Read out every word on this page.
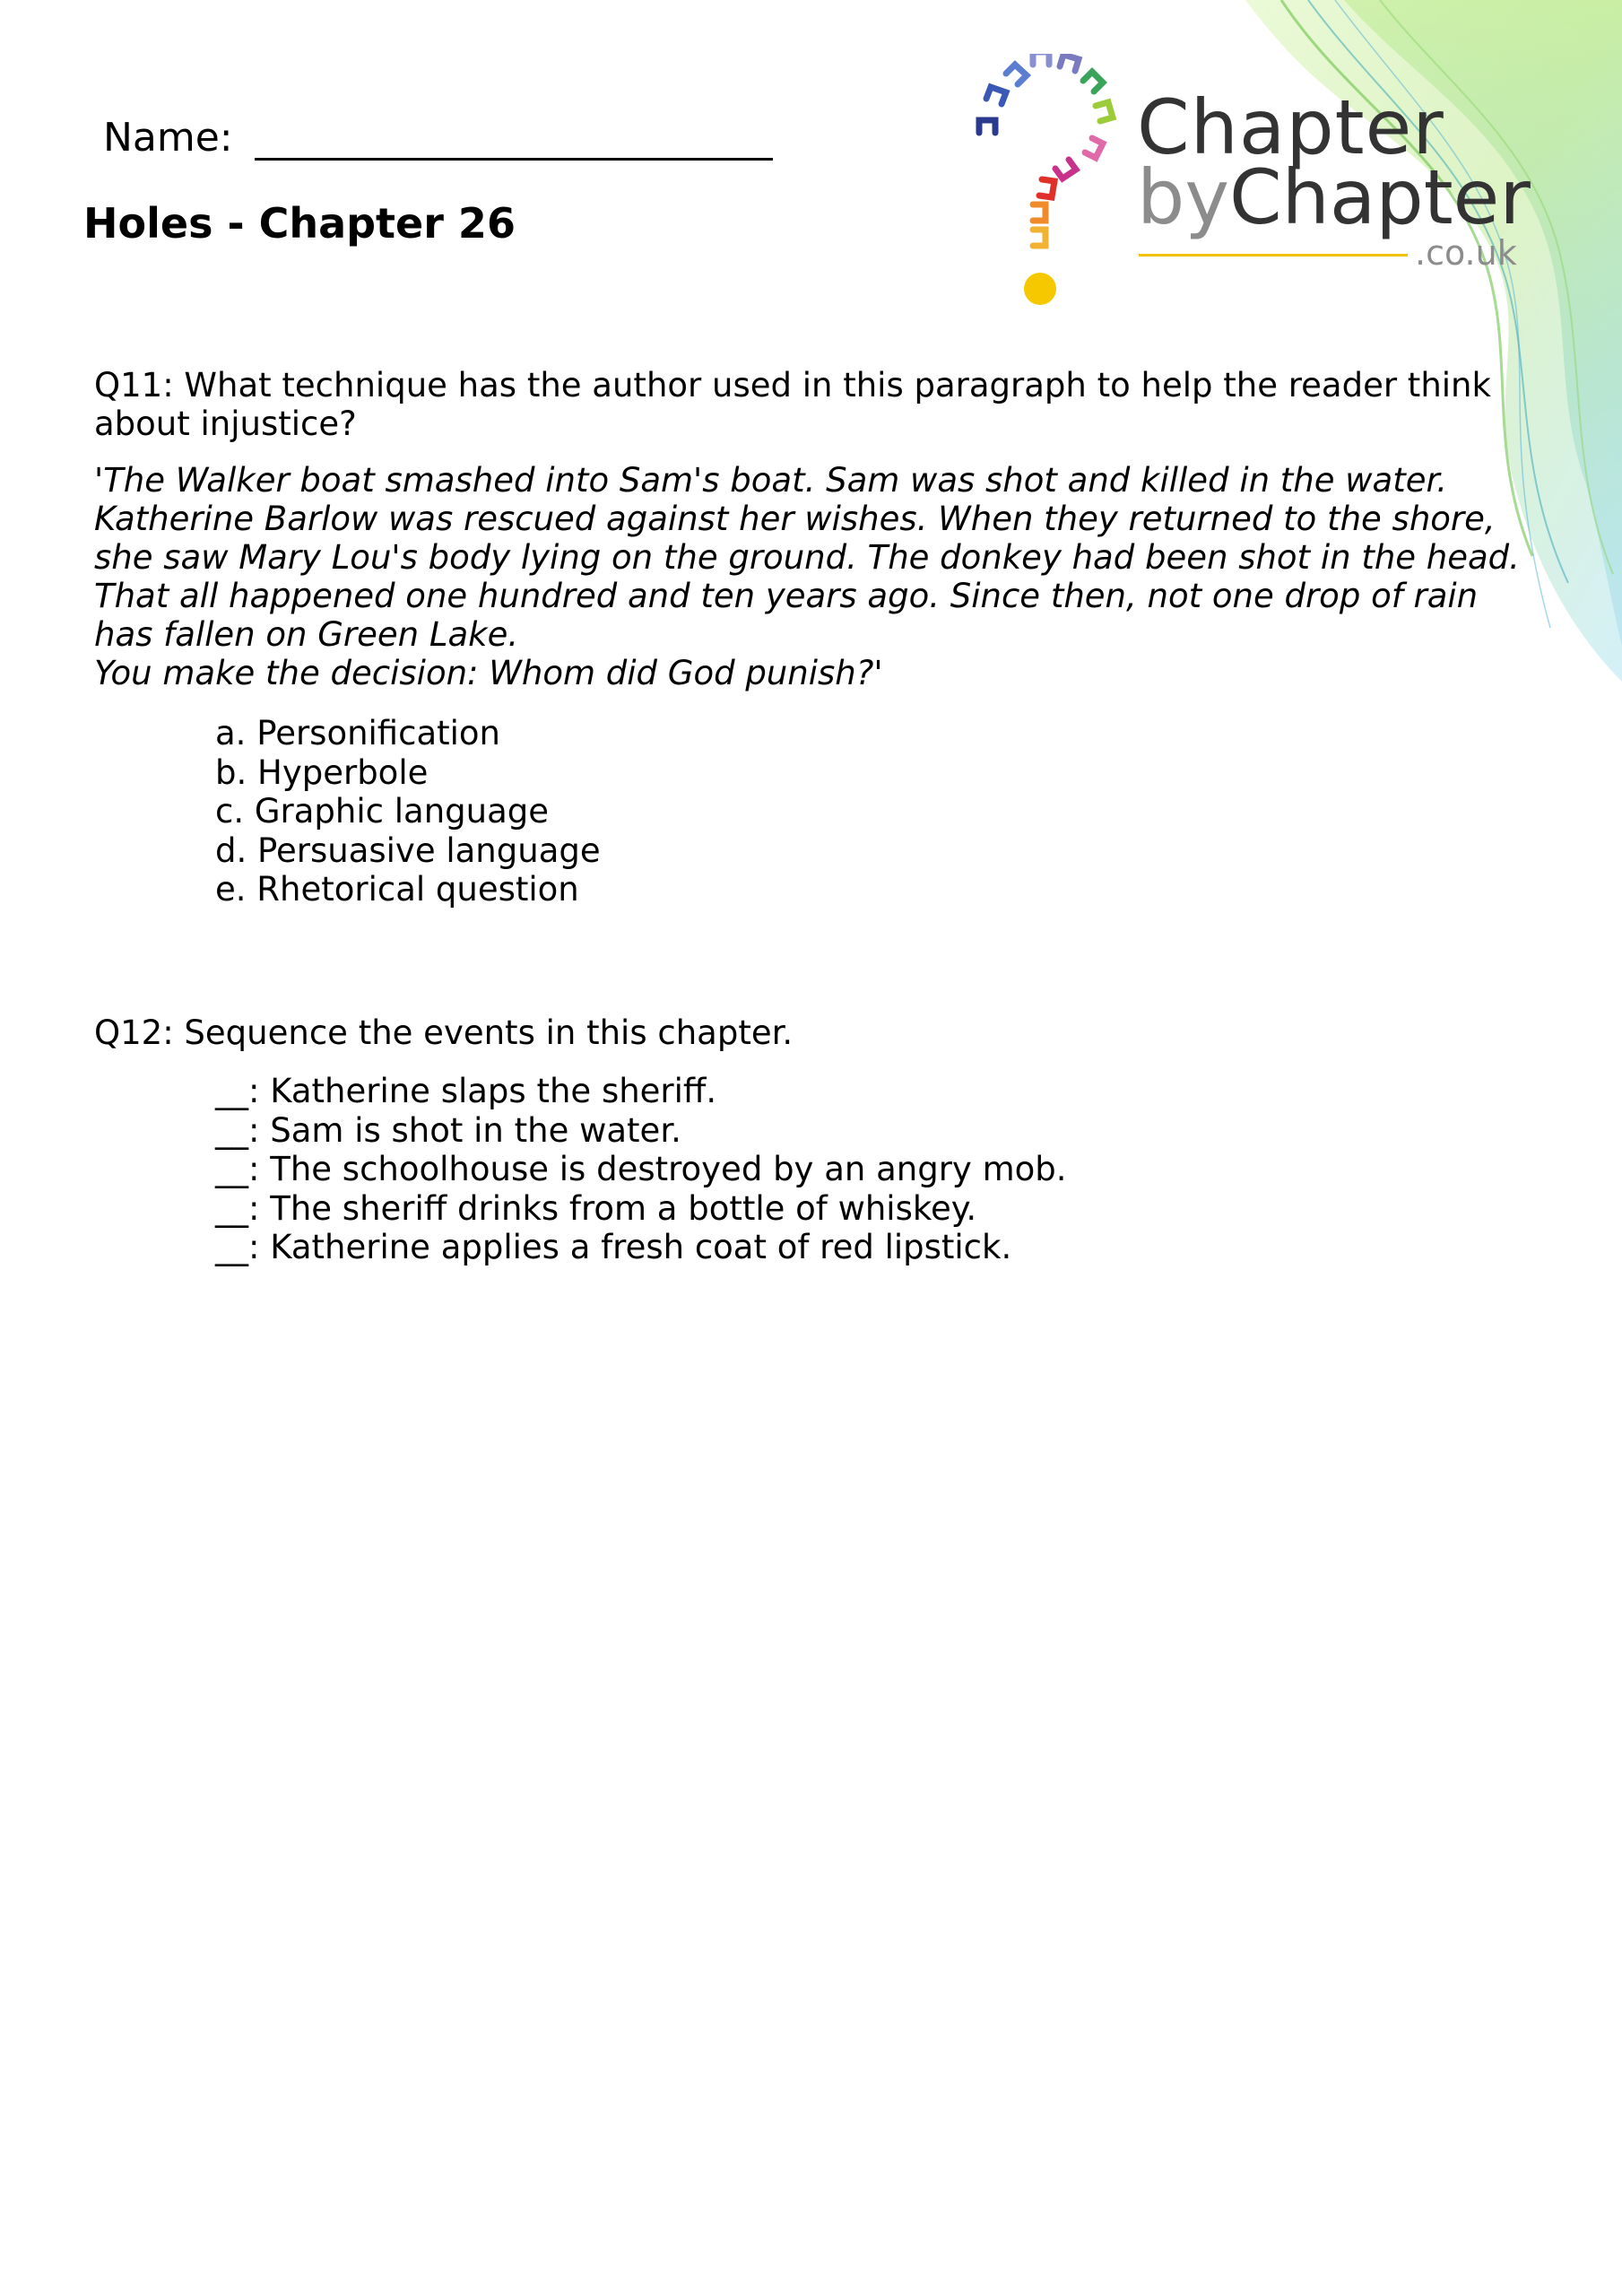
Name:
Holes - Chapter 26
Chapter
byChapter
.co.uk

Q11: What technique has the author used in this paragraph to help the reader think about injustice?

'The Walker boat smashed into Sam's boat. Sam was shot and killed in the water. Katherine Barlow was rescued against her wishes. When they returned to the shore, she saw Mary Lou's body lying on the ground. The donkey had been shot in the head. That all happened one hundred and ten years ago. Since then, not one drop of rain has fallen on Green Lake.

You make the decision: Whom did God punish?'

a. Personification
b. Hyperbole
c. Graphic language
d. Persuasive language
e. Rhetorical question

Q12: Sequence the events in this chapter.

__: Katherine slaps the sheriff.
__: Sam is shot in the water.
__: The schoolhouse is destroyed by an angry mob.
__: The sheriff drinks from a bottle of whiskey.
__: Katherine applies a fresh coat of red lipstick.
